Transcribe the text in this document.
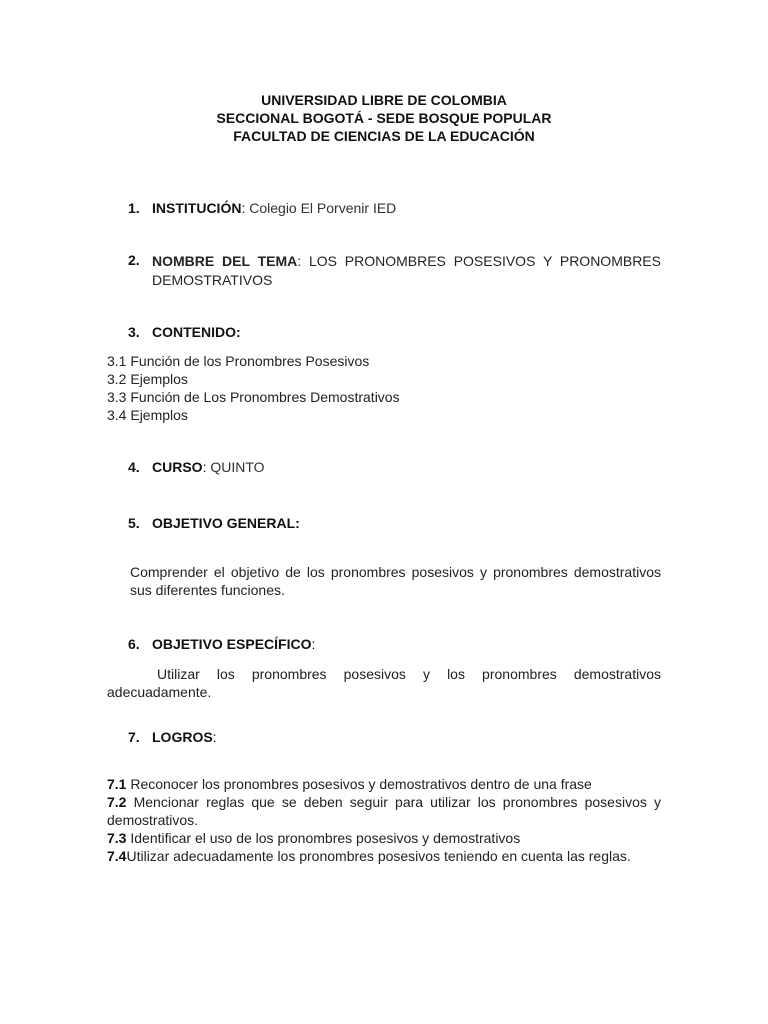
UNIVERSIDAD LIBRE DE COLOMBIA
SECCIONAL BOGOTÁ - SEDE BOSQUE POPULAR
FACULTAD DE CIENCIAS DE LA EDUCACIÓN
1. INSTITUCIÓN: Colegio El Porvenir IED
2. NOMBRE DEL TEMA: LOS PRONOMBRES POSESIVOS Y PRONOMBRES DEMOSTRATIVOS
3. CONTENIDO:
3.1 Función de los Pronombres Posesivos
3.2 Ejemplos
3.3 Función de Los Pronombres Demostrativos
3.4 Ejemplos
4. CURSO: QUINTO
5. OBJETIVO GENERAL:
Comprender el objetivo de los pronombres posesivos y pronombres demostrativos sus diferentes funciones.
6. OBJETIVO ESPECÍFICO:
Utilizar los pronombres posesivos y los pronombres demostrativos adecuadamente.
7. LOGROS:

7.1 Reconocer los pronombres posesivos y demostrativos dentro de una frase

7.2 Mencionar reglas que se deben seguir para utilizar los pronombres posesivos y demostrativos.

7.3 Identificar el uso de los pronombres posesivos y demostrativos

7.4Utilizar adecuadamente los pronombres posesivos teniendo en cuenta las reglas.
